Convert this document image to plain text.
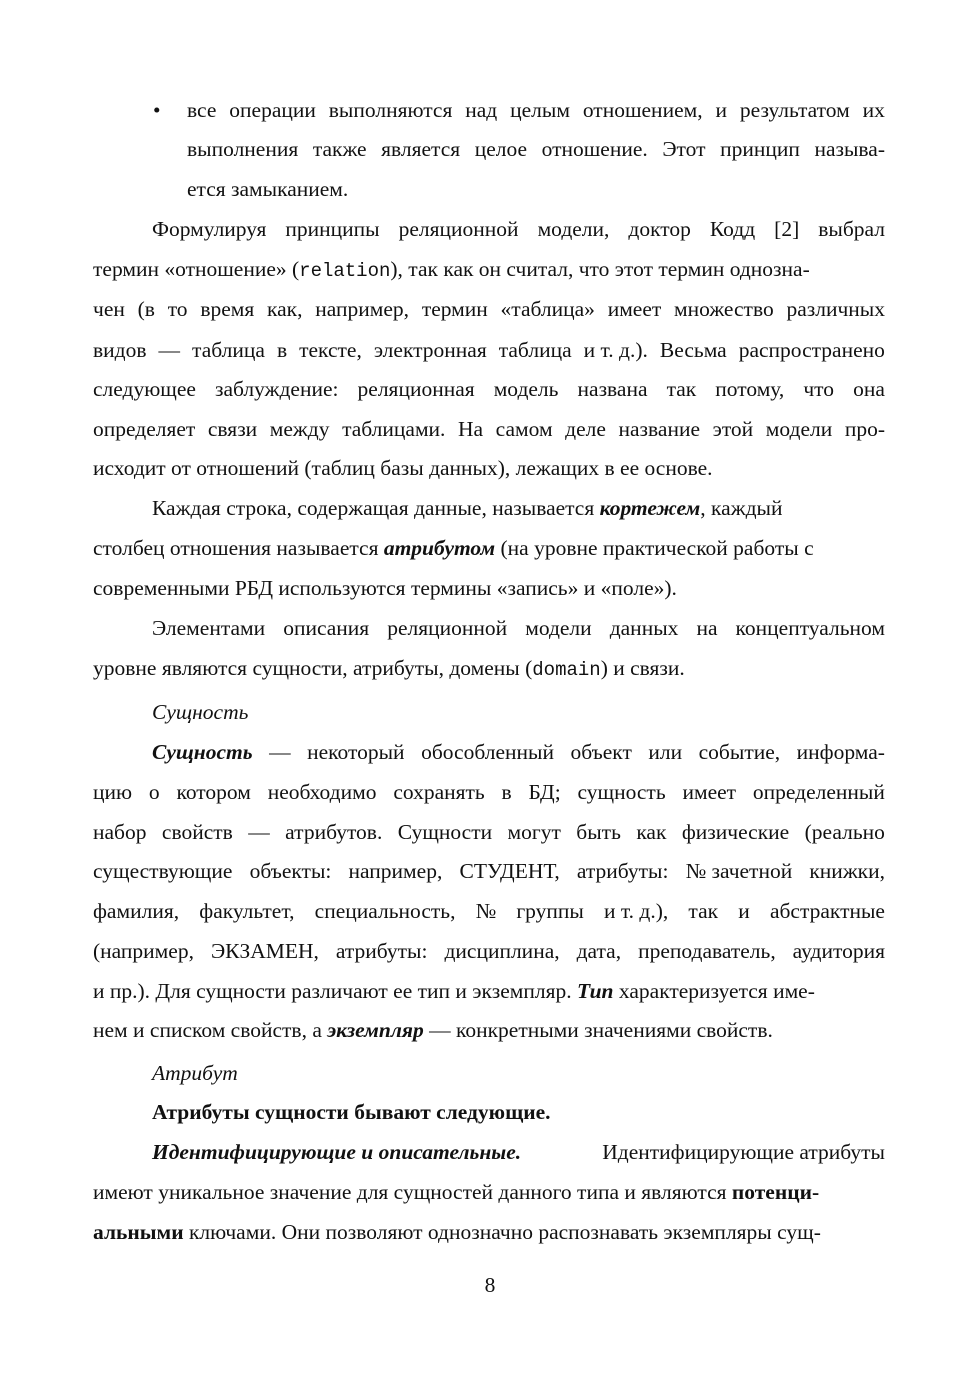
• все операции выполняются над целым отношением, и результатом их
выполнения также является целое отношение. Этот принцип называ-
ется замыканием.
Формулируя принципы реляционной модели, доктор Кодд [2] выбрал
термин «отношение» (relation), так как он считал, что этот термин однозна-
чен (в то время как, например, термин «таблица» имеет множество различных
видов — таблица в тексте, электронная таблица и т. д.). Весьма распространено
следующее заблуждение: реляционная модель названа так потому, что она
определяет связи между таблицами. На самом деле название этой модели про-
исходит от отношений (таблиц базы данных), лежащих в ее основе.
Каждая строка, содержащая данные, называется кортежем, каждый
столбец отношения называется атрибутом (на уровне практической работы с
современными РБД используются термины «запись» и «поле»).
Элементами описания реляционной модели данных на концептуальном
уровне являются сущности, атрибуты, домены (domain) и связи.
Сущность
Сущность — некоторый обособленный объект или событие, информа-
цию о котором необходимо сохранять в БД; сущность имеет определенный
набор свойств — атрибутов. Сущности могут быть как физические (реально
существующие объекты: например, СТУДЕНТ, атрибуты: № зачетной книжки,
фамилия, факультет, специальность, № группы и т. д.), так и абстрактные
(например, ЭКЗАМЕН, атрибуты: дисциплина, дата, преподаватель, аудитория
и пр.). Для сущности различают ее тип и экземпляр. Тип характеризуется име-
нем и списком свойств, а экземпляр — конкретными значениями свойств.
Атрибут
Атрибуты сущности бывают следующие.
Идентифицирующие и описательные.	Идентифицирующие атрибуты
имеют уникальное значение для сущностей данного типа и являются потенци-
альными ключами. Они позволяют однозначно распознавать экземпляры сущ-
8
